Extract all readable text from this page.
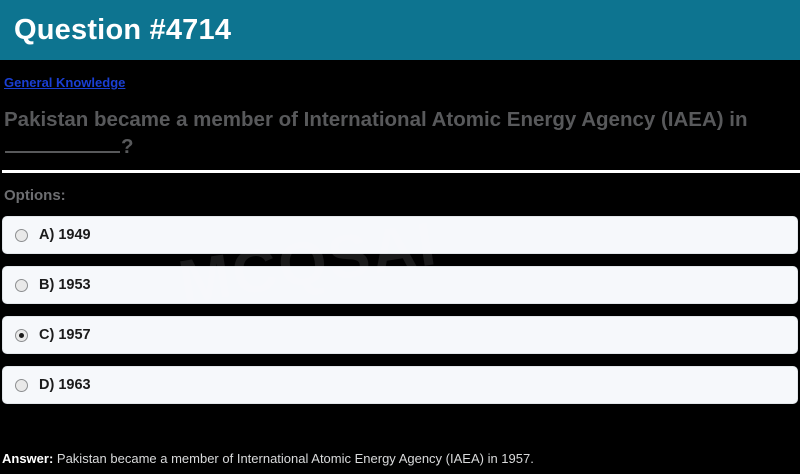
MCQSAI
Question #4714
General Knowledge
Pakistan became a member of International Atomic Energy Agency (IAEA) in?
Options:
A) 1949
B) 1953
C) 1957
D) 1963
Answer: Pakistan became a member of International Atomic Energy Agency (IAEA) in 1957.
